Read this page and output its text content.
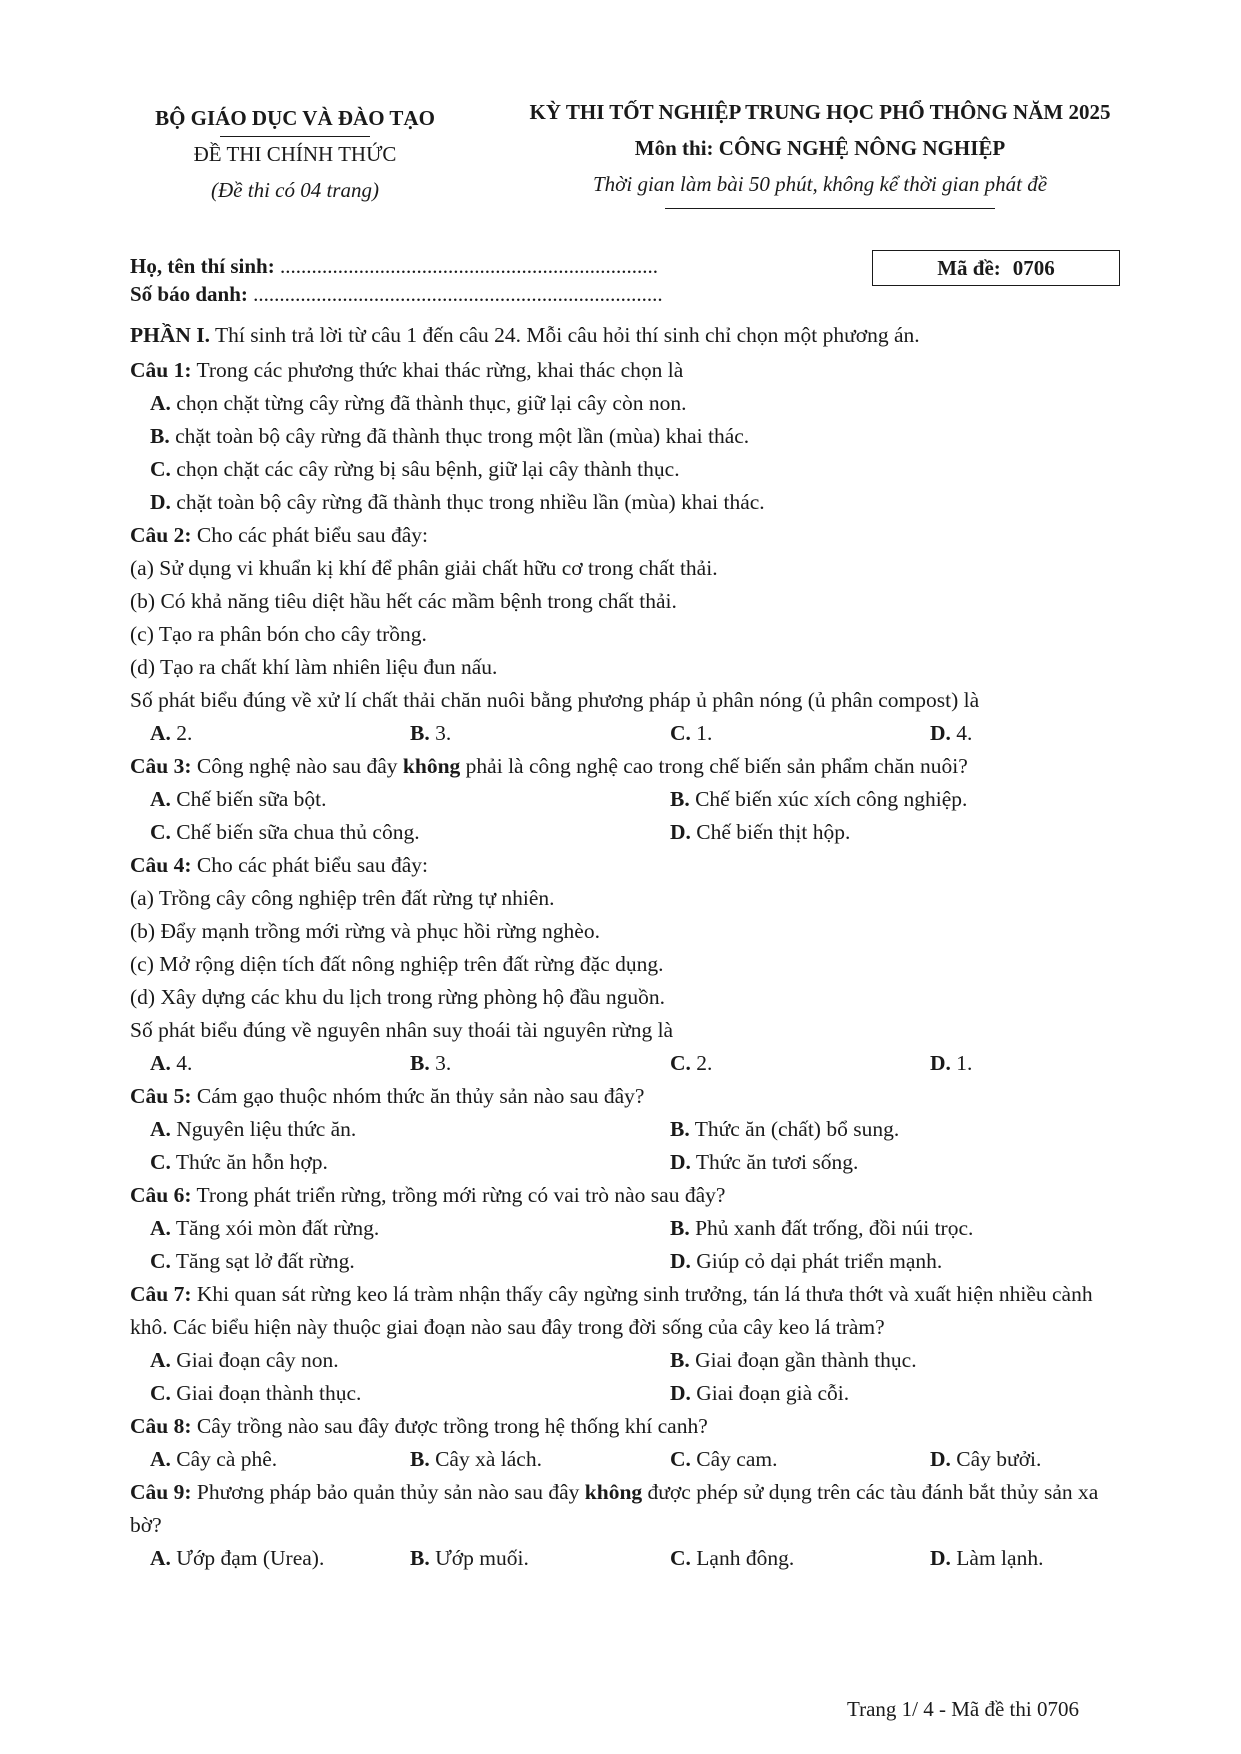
BỘ GIÁO DỤC VÀ ĐÀO TẠO
ĐỀ THI CHÍNH THỨC
(Đề thi có 04 trang)
KỲ THI TỐT NGHIỆP TRUNG HỌC PHỔ THÔNG NĂM 2025
Môn thi: CÔNG NGHỆ NÔNG NGHIỆP
Thời gian làm bài 50 phút, không kể thời gian phát đề
Họ, tên thí sinh: ........................................................................
Số báo danh: ..............................................................................
Mã đề: 0706
PHẦN I. Thí sinh trả lời từ câu 1 đến câu 24. Mỗi câu hỏi thí sinh chỉ chọn một phương án.
Câu 1: Trong các phương thức khai thác rừng, khai thác chọn là
A. chọn chặt từng cây rừng đã thành thục, giữ lại cây còn non.
B. chặt toàn bộ cây rừng đã thành thục trong một lần (mùa) khai thác.
C. chọn chặt các cây rừng bị sâu bệnh, giữ lại cây thành thục.
D. chặt toàn bộ cây rừng đã thành thục trong nhiều lần (mùa) khai thác.
Câu 2: Cho các phát biểu sau đây:
(a) Sử dụng vi khuẩn kị khí để phân giải chất hữu cơ trong chất thải.
(b) Có khả năng tiêu diệt hầu hết các mầm bệnh trong chất thải.
(c) Tạo ra phân bón cho cây trồng.
(d) Tạo ra chất khí làm nhiên liệu đun nấu.
Số phát biểu đúng về xử lí chất thải chăn nuôi bằng phương pháp ủ phân nóng (ủ phân compost) là
A. 2.	B. 3.	C. 1.	D. 4.
Câu 3: Công nghệ nào sau đây không phải là công nghệ cao trong chế biến sản phẩm chăn nuôi?
A. Chế biến sữa bột.	B. Chế biến xúc xích công nghiệp.
C. Chế biến sữa chua thủ công.	D. Chế biến thịt hộp.
Câu 4: Cho các phát biểu sau đây:
(a) Trồng cây công nghiệp trên đất rừng tự nhiên.
(b) Đẩy mạnh trồng mới rừng và phục hồi rừng nghèo.
(c) Mở rộng diện tích đất nông nghiệp trên đất rừng đặc dụng.
(d) Xây dựng các khu du lịch trong rừng phòng hộ đầu nguồn.
Số phát biểu đúng về nguyên nhân suy thoái tài nguyên rừng là
A. 4.	B. 3.	C. 2.	D. 1.
Câu 5: Cám gạo thuộc nhóm thức ăn thủy sản nào sau đây?
A. Nguyên liệu thức ăn.	B. Thức ăn (chất) bổ sung.
C. Thức ăn hỗn hợp.	D. Thức ăn tươi sống.
Câu 6: Trong phát triển rừng, trồng mới rừng có vai trò nào sau đây?
A. Tăng xói mòn đất rừng.	B. Phủ xanh đất trống, đồi núi trọc.
C. Tăng sạt lở đất rừng.	D. Giúp cỏ dại phát triển mạnh.
Câu 7: Khi quan sát rừng keo lá tràm nhận thấy cây ngừng sinh trưởng, tán lá thưa thớt và xuất hiện nhiều cành khô. Các biểu hiện này thuộc giai đoạn nào sau đây trong đời sống của cây keo lá tràm?
A. Giai đoạn cây non.	B. Giai đoạn gần thành thục.
C. Giai đoạn thành thục.	D. Giai đoạn già cỗi.
Câu 8: Cây trồng nào sau đây được trồng trong hệ thống khí canh?
A. Cây cà phê.	B. Cây xà lách.	C. Cây cam.	D. Cây bưởi.
Câu 9: Phương pháp bảo quản thủy sản nào sau đây không được phép sử dụng trên các tàu đánh bắt thủy sản xa bờ?
A. Ướp đạm (Urea).	B. Ướp muối.	C. Lạnh đông.	D. Làm lạnh.
Trang 1/ 4 - Mã đề thi 0706
